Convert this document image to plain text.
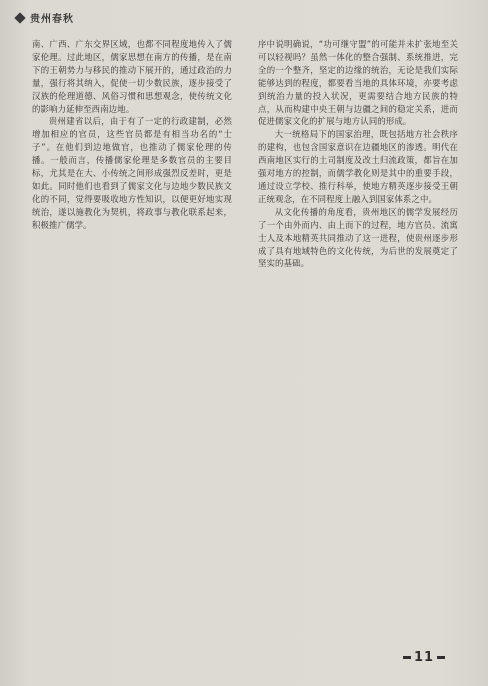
贵州春秋

南、广西、广东交界区域，也都不同程度地传入了儒家伦理。过此地区，儒家思想在南方的传播，是在南下的王朝势力与移民的推动下展开的，通过政治的力量，强行将其纳入，促使一切少数民族，逐步接受了汉族的伦理道德、风俗习惯和思想观念，使传统文化的影响力延伸至西南边地。

贵州建省以后，由于有了一定的行政建制，必然增加相应的官员，这些官员都是有相当功名的“士子”。在他们到边地做官，也推动了儒家伦理的传播。一般而言，传播儒家伦理是多数官员的主要目标，尤其是在大、小传统之间形成强烈反差时，更是如此。同时他们也看到了儒家文化与边地少数民族文化的不同，觉得要吸收地方性知识，以便更好地实现统治，遂以施教化为契机，将政事与教化联系起来，积极推广儒学。

序中说明确说，“功可继守盟”的可能并未扩张地至关可以轻视吗？虽然一体化的整合强制、系统推进，完全的一个整齐，坚定的边缘的统治，无论是我们实际能够达到的程度，都要看当地的具体环境，亦要考虑到统治力量的投入状况，更需要结合地方民族的特点，从而构建中央王朝与边疆之间的稳定关系，进而促进儒家文化的扩展与地方认同的形成。

大一统格局下的国家治理，既包括地方社会秩序的建构，也包含国家意识在边疆地区的渗透。明代在西南地区实行的土司制度及改土归流政策，都旨在加强对地方的控制，而儒学教化则是其中的重要手段，通过设立学校、推行科举，使地方精英逐步接受王朝正统观念，在不同程度上融入到国家体系之中。

从文化传播的角度看，贵州地区的儒学发展经历了一个由外而内、由上而下的过程，地方官员、流寓士人及本地精英共同推动了这一进程，使贵州逐步形成了具有地域特色的文化传统，为后世的发展奠定了坚实的基础。

11
